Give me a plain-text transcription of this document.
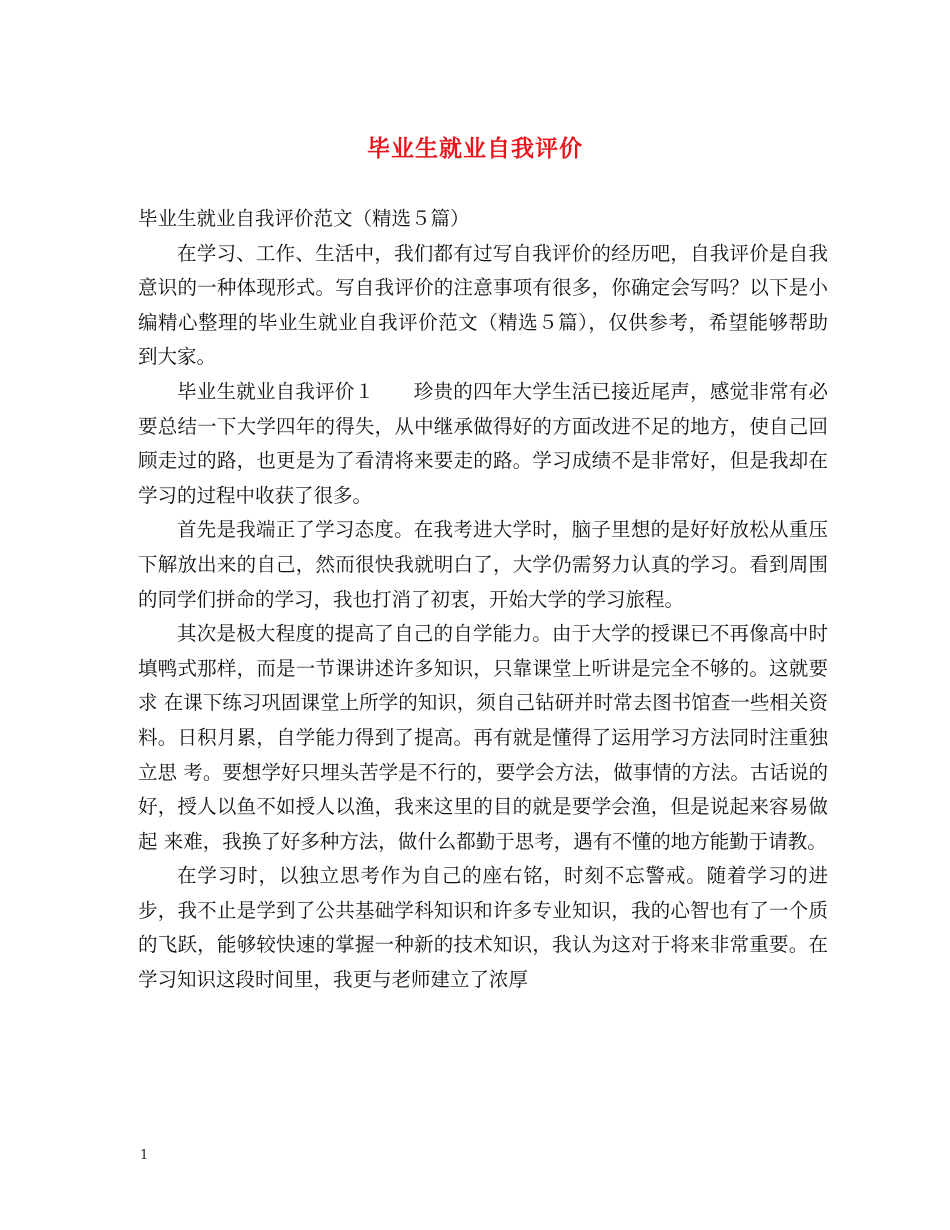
毕业生就业自我评价

毕业生就业自我评价范文（精选５篇）

在学习、工作、生活中，我们都有过写自我评价的经历吧，自我评价是自我意识的一种体现形式。写自我评价的注意事项有很多，你确定会写吗？以下是小编精心整理的毕业生就业自我评价范文（精选５篇），仅供参考，希望能够帮助到大家。

毕业生就业自我评价１　　珍贵的四年大学生活已接近尾声，感觉非常有必要总结一下大学四年的得失，从中继承做得好的方面改进不足的地方，使自己回顾走过的路，也更是为了看清将来要走的路。学习成绩不是非常好，但是我却在学习的过程中收获了很多。

首先是我端正了学习态度。在我考进大学时，脑子里想的是好好放松从重压下解放出来的自己，然而很快我就明白了，大学仍需努力认真的学习。看到周围的同学们拼命的学习，我也打消了初衷，开始大学的学习旅程。

其次是极大程度的提高了自己的自学能力。由于大学的授课已不再像高中时填鸭式那样，而是一节课讲述许多知识，只靠课堂上听讲是完全不够的。这就要求 在课下练习巩固课堂上所学的知识，须自己钻研并时常去图书馆查一些相关资料。日积月累，自学能力得到了提高。再有就是懂得了运用学习方法同时注重独立思 考。要想学好只埋头苦学是不行的，要学会方法，做事情的方法。古话说的好，授人以鱼不如授人以渔，我来这里的目的就是要学会渔，但是说起来容易做起 来难，我换了好多种方法，做什么都勤于思考，遇有不懂的地方能勤于请教。

在学习时，以独立思考作为自己的座右铭，时刻不忘警戒。随着学习的进步，我不止是学到了公共基础学科知识和许多专业知识，我的心智也有了一个质的飞跃，能够较快速的掌握一种新的技术知识，我认为这对于将来非常重要。在学习知识这段时间里，我更与老师建立了浓厚

1
